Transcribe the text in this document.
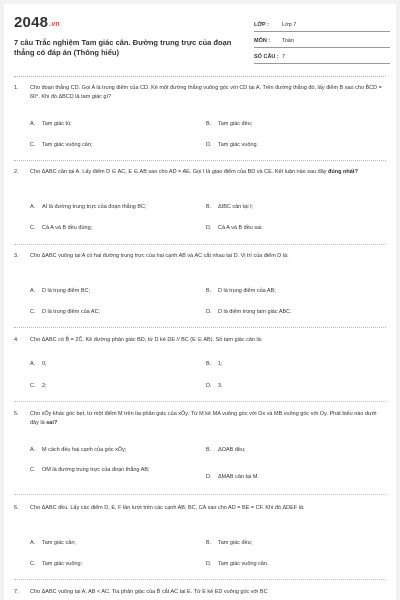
2048.vn
7 câu Trắc nghiệm Tam giác cân. Đường trung trực của đoạn thẳng có đáp án (Thông hiểu)
LỚP :	Lớp 7
MÔN :	Toán
SỐ CÂU : 7
1.	Cho đoạn thẳng CD. Gọi A là trung điểm của CD. Kẻ một đường thẳng vuông góc với CD tại A. Trên đường thẳng đó, lấy điểm B sao cho B̂CD = 60°. Khi đó ΔBCD là tam giác gì?
A.	Tam giác tù;	B.	Tam giác đều;
C.	Tam giác vuông cân;	D.	Tam giác vuông.
2.	Cho ΔABC cân tại A. Lấy điểm D ∈ AC, E ∈ AB sao cho AD = AE. Gọi I là giao điểm của BD và CE. Kết luận nào sau đây đúng nhất?
A.	AI là đường trung trực của đoạn thẳng BC;	B.	ΔIBC cân tại I;
C.	Cả A và B đều đúng;	D.	Cả A và B đều sai.
3.	Cho ΔABC vuông tại A có hai đường trung trực của hai cạnh AB và AC cắt nhau tại D. Vị trí của điểm D là:
A.	D là trung điểm BC;	B.	D là trung điểm của AB;
C.	D là trung điểm của AC;	D.	D là điểm trong tam giác ABC.
4.	Cho ΔABC có B̂ = 2Ĉ. Kẻ đường phân giác BD, từ D kẻ DE // BC (E ∈ AB). Số tam giác cân là:
A.	0;	B.	1;
C.	2;	D.	3.
5.	Cho xÔy khác góc bẹt, từ một điểm M trên tia phân giác của xÔy. Từ M kẻ MA vuông góc với Ox và MB vuông góc với Oy. Phát biểu nào dưới đây là sai?
A.	M cách đều hai cạnh của góc xÔy;	B.	ΔOAB đều;
C.	OM là đường trung trực của đoạn thẳng AB;
D.	ΔMAB cân tại M.
6.	Cho ΔABC đều. Lấy các điểm D, E, F lần lượt trên các cạnh AB, BC, CA sao cho AD = BE = CF. Khi đó ΔDEF là:
A.	Tam giác cân;	B.	Tam giác đều;
C.	Tam giác vuông;	D.	Tam giác vuông cân.
7.	Cho ΔABC vuông tại A, AB < AC. Tia phân giác của B̂ cắt AC tại E. Từ E kẻ ED vuông góc với BC
